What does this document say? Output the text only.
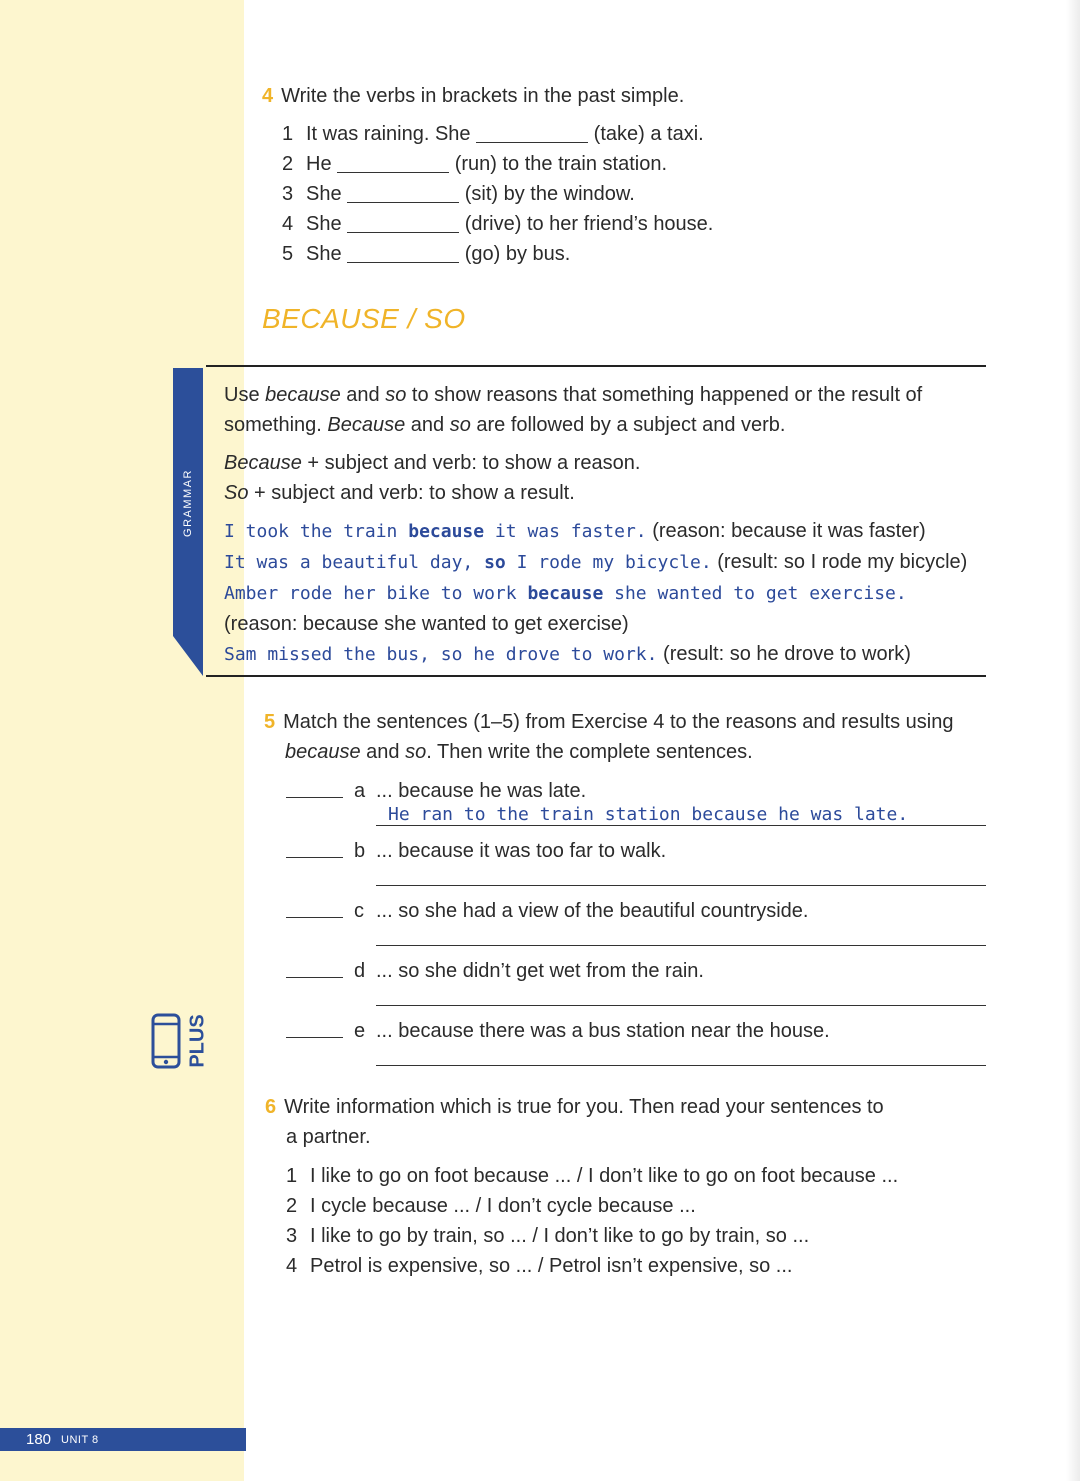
4 Write the verbs in brackets in the past simple.
1 It was raining. She	(take) a taxi.
2 He	(run) to the train station.
3 She	(sit) by the window.
4 She	(drive) to her friend’s house.
5 She	(go) by bus.
BECAUSE / SO
GRAMMAR

Use because and so to show reasons that something happened or the result of something. Because and so are followed by a subject and verb.

Because + subject and verb: to show a reason.

So + subject and verb: to show a result.

I took the train because it was faster. (reason: because it was faster)

It was a beautiful day, so I rode my bicycle. (result: so I rode my bicycle)

Amber rode her bike to work because she wanted to get exercise.

(reason: because she wanted to get exercise)

Sam missed the bus, so he drove to work. (result: so he drove to work)

5 Match the sentences (1–5) from Exercise 4 to the reasons and results using
because and so. Then write the complete sentences.
a ... because he was late.
He ran to the train station because he was late.
b ... because it was too far to walk.
c ... so she had a view of the beautiful countryside.
d ... so she didn’t get wet from the rain.
e ... because there was a bus station near the house.
PLUS
6 Write information which is true for you. Then read your sentences to
a partner.
1 I like to go on foot because ... / I don’t like to go on foot because ...
2 I cycle because ... / I don’t cycle because ...
3 I like to go by train, so ... / I don’t like to go by train, so ...
4 Petrol is expensive, so ... / Petrol isn’t expensive, so ...
180 UNIT 8
